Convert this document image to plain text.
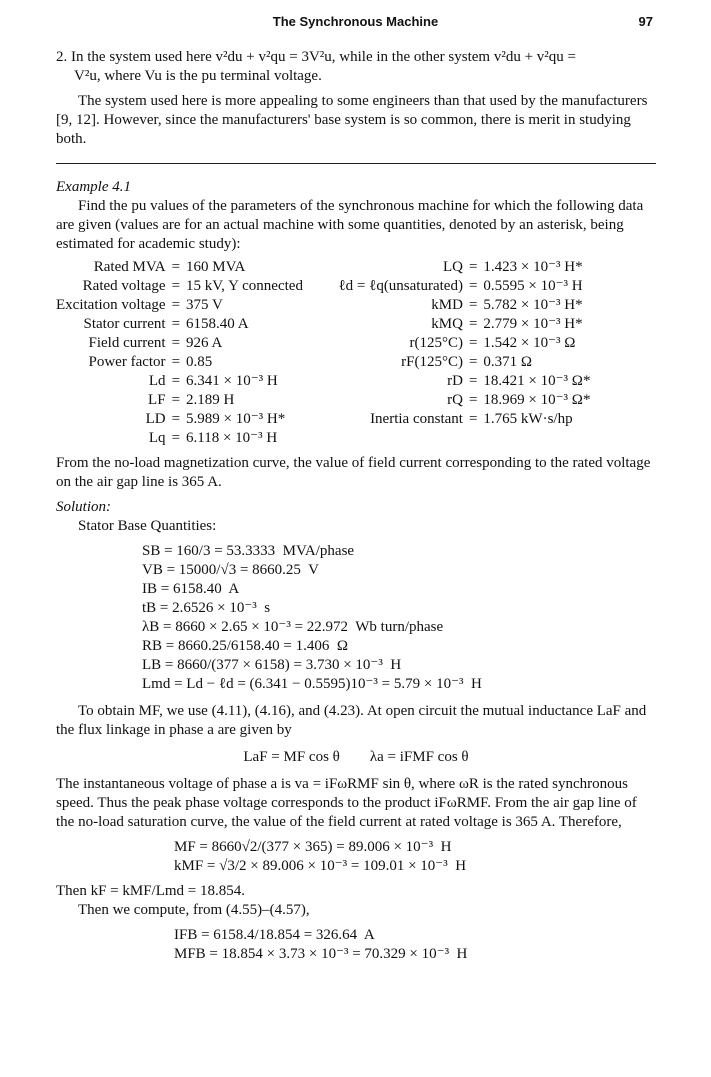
The Synchronous Machine	97

2. In the system used here v²du + v²qu = 3V²u, while in the other system v²du + v²qu =

V²u, where Vu is the pu terminal voltage.

The system used here is more appealing to some engineers than that used by the manufacturers [9, 12]. However, since the manufacturers' base system is so common, there is merit in studying both.

Example 4.1

Find the pu values of the parameters of the synchronous machine for which the following data are given (values are for an actual machine with some quantities, denoted by an asterisk, being estimated for academic study):

Rated MVA	=	160 MVA		LQ	=	1.423 × 10⁻³ H*
Rated voltage	=	15 kV, Y connected		ℓd = ℓq(unsaturated)	=	0.5595 × 10⁻³ H
Excitation voltage	=	375 V		kMD	=	5.782 × 10⁻³ H*
Stator current	=	6158.40 A		kMQ	=	2.779 × 10⁻³ H*
Field current	=	926 A		r(125°C)	=	1.542 × 10⁻³ Ω
Power factor	=	0.85		rF(125°C)	=	0.371 Ω
Ld	=	6.341 × 10⁻³ H		rD	=	18.421 × 10⁻³ Ω*
LF	=	2.189 H		rQ	=	18.969 × 10⁻³ Ω*
LD	=	5.989 × 10⁻³ H*		Inertia constant	=	1.765 kW·s/hp
Lq	=	6.118 × 10⁻³ H				

From the no-load magnetization curve, the value of field current corresponding to the rated voltage on the air gap line is 365 A.

Solution:

Stator Base Quantities:

SB = 160/3 = 53.3333  MVA/phase

VB = 15000/√3 = 8660.25  V

IB = 6158.40  A

tB = 2.6526 × 10⁻³  s

λB = 8660 × 2.65 × 10⁻³ = 22.972  Wb turn/phase

RB = 8660.25/6158.40 = 1.406  Ω

LB = 8660/(377 × 6158) = 3.730 × 10⁻³  H

Lmd = Ld − ℓd = (6.341 − 0.5595)10⁻³ = 5.79 × 10⁻³  H

To obtain MF, we use (4.11), (4.16), and (4.23). At open circuit the mutual inductance LaF and the flux linkage in phase a are given by

LaF = MF cos θ        λa = iFMF cos θ

The instantaneous voltage of phase a is va = iFωRMF sin θ, where ωR is the rated synchronous speed. Thus the peak phase voltage corresponds to the product iFωRMF. From the air gap line of the no-load saturation curve, the value of the field current at rated voltage is 365 A. Therefore,

MF = 8660√2/(377 × 365) = 89.006 × 10⁻³  H

kMF = √3/2 × 89.006 × 10⁻³ = 109.01 × 10⁻³  H

Then kF = kMF/Lmd = 18.854.

Then we compute, from (4.55)–(4.57),

IFB = 6158.4/18.854 = 326.64  A

MFB = 18.854 × 3.73 × 10⁻³ = 70.329 × 10⁻³  H
